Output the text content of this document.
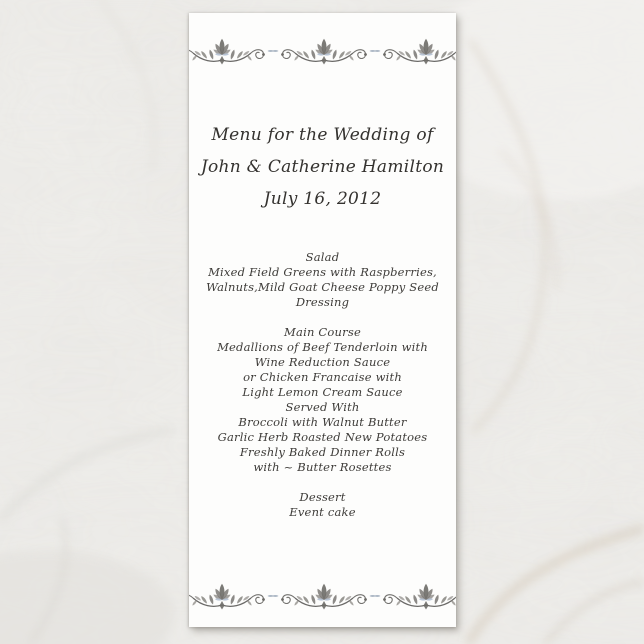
Menu for the Wedding of

John & Catherine Hamilton

July 16, 2012

Salad

Mixed Field Greens with Raspberries,

Walnuts,Mild Goat Cheese Poppy Seed Dressing

Main Course

Medallions of Beef Tenderloin with

Wine Reduction Sauce

or Chicken Francaise with

Light Lemon Cream Sauce

Served With

Broccoli with Walnut Butter

Garlic Herb Roasted New Potatoes

Freshly Baked Dinner Rolls

with ~ Butter Rosettes

Dessert

Event cake
